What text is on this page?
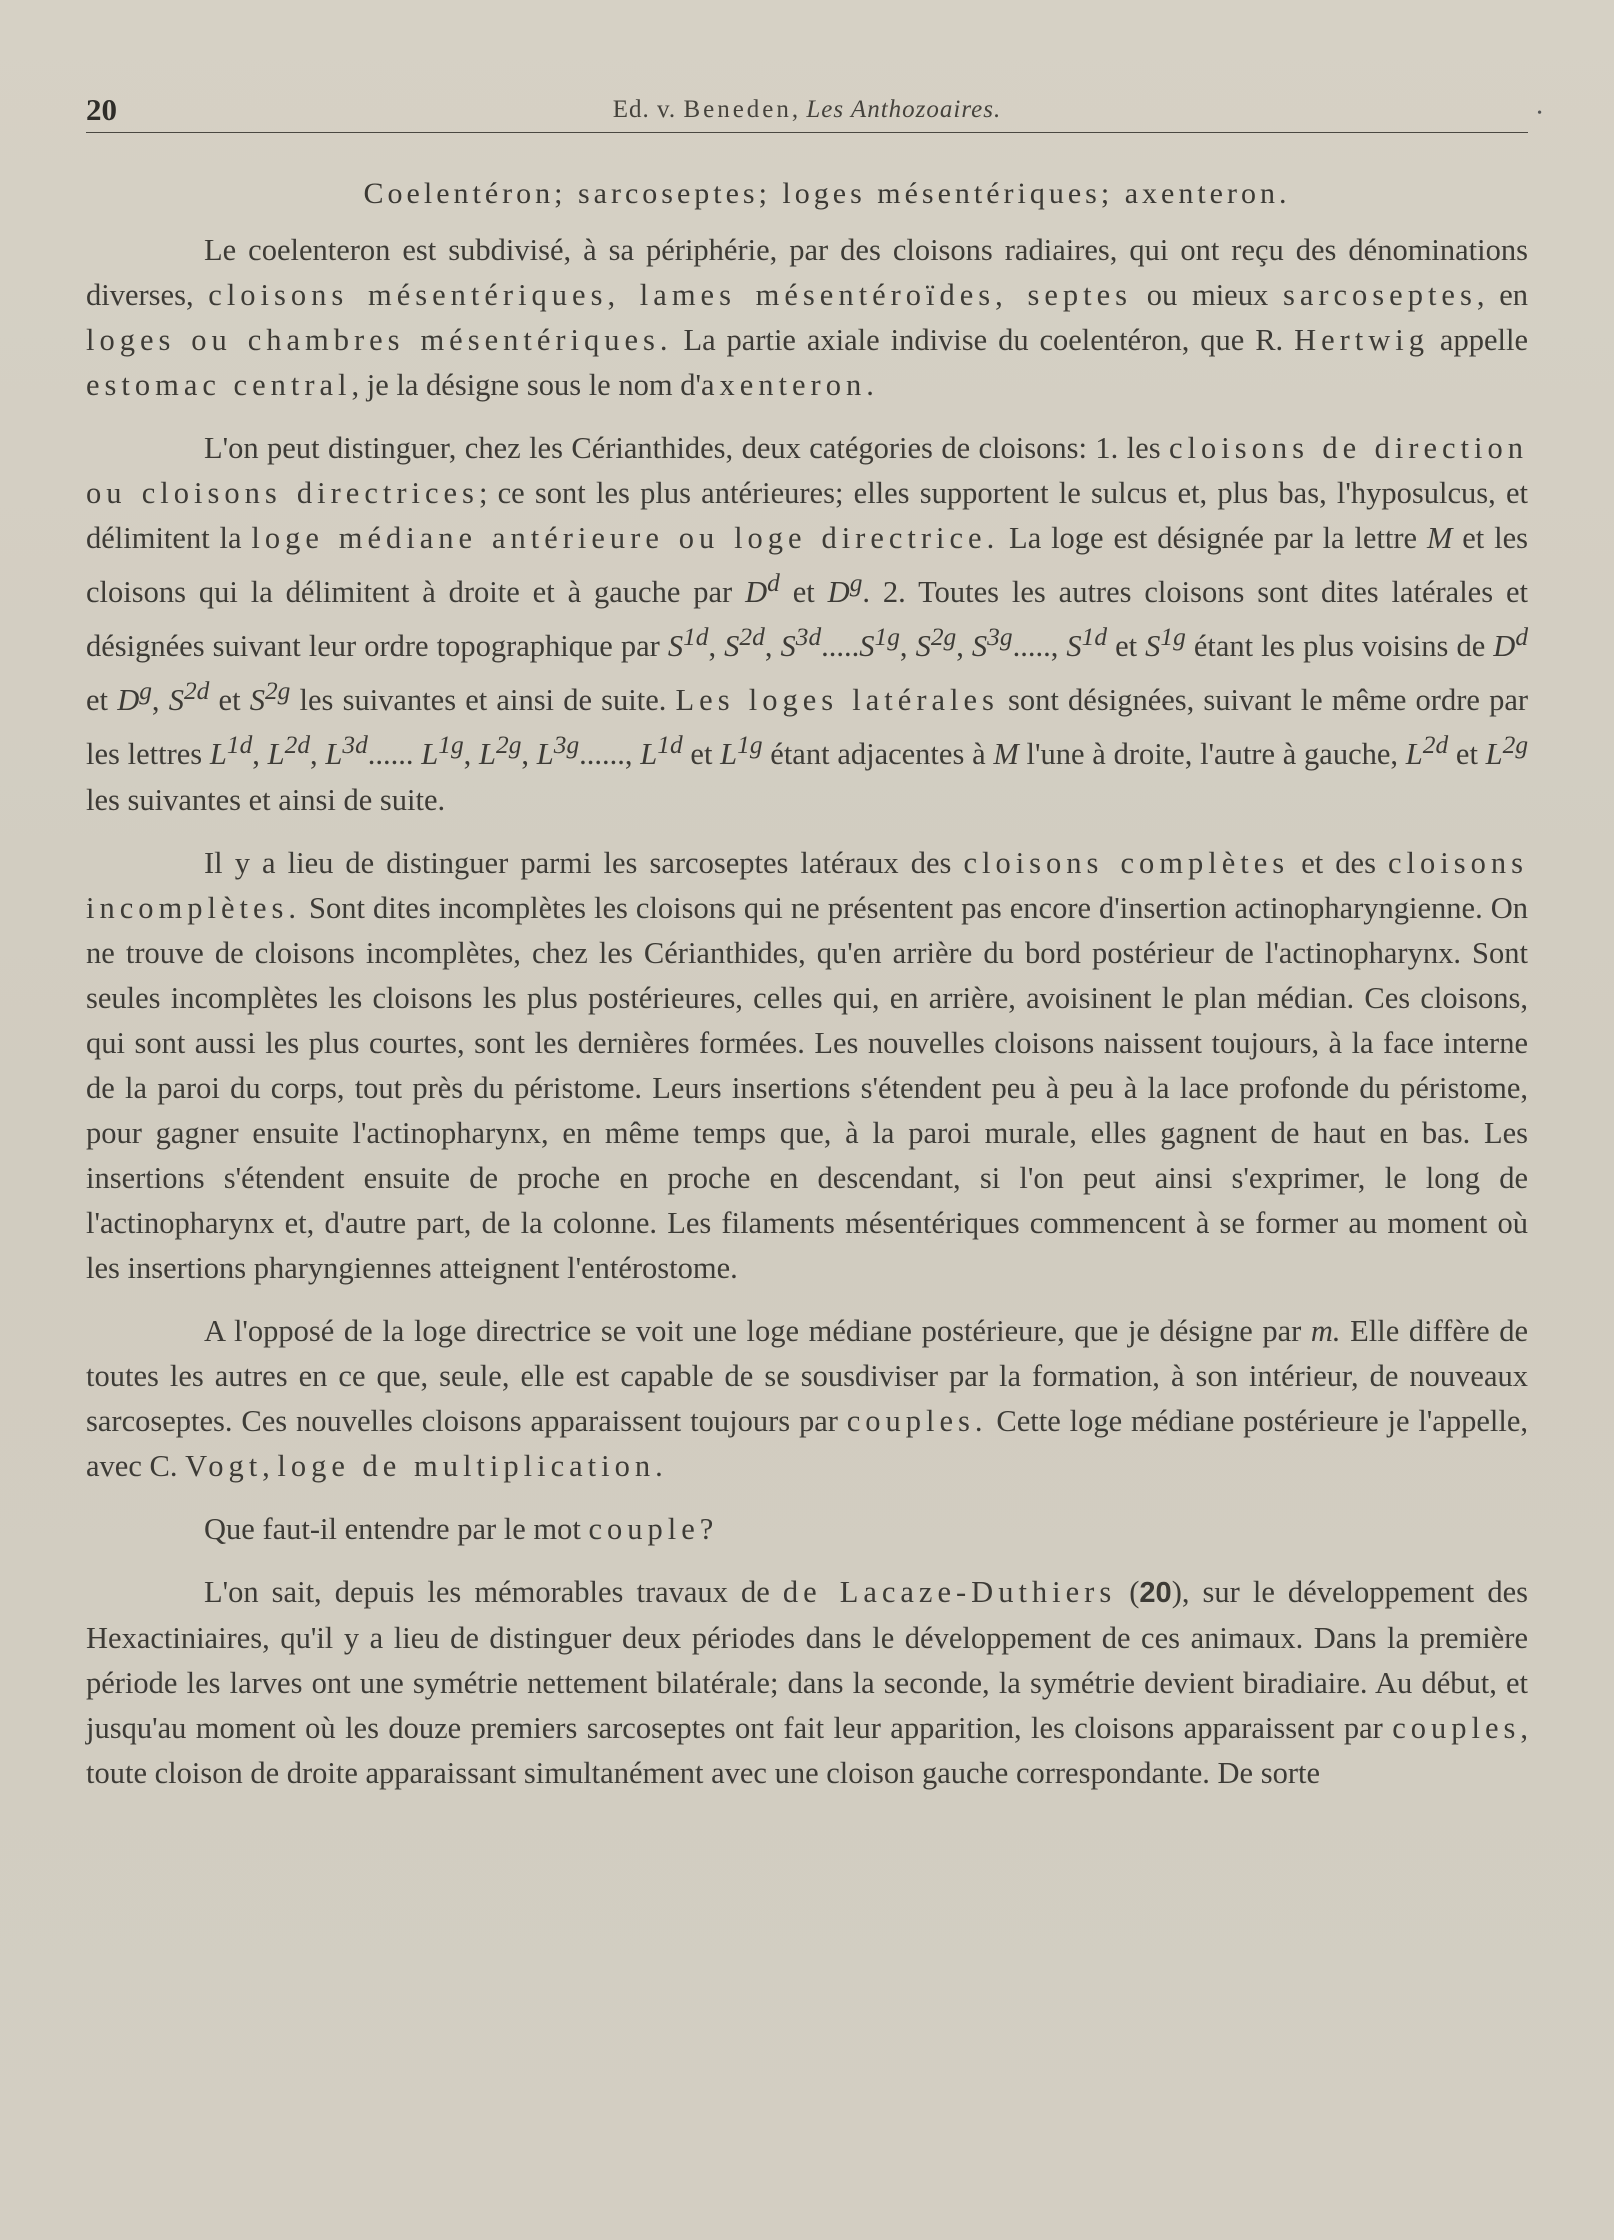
20	Ed. v. Beneden, Les Anthozoaires.	•
Coelentéron; sarcoseptes; loges mésentériques; axenteron.

Le coelenteron est subdivisé, à sa périphérie, par des cloisons radiaires, qui ont reçu des dénominations diverses, cloisons mésentériques, lames mésentéroïdes, septes ou mieux sarcoseptes, en loges ou chambres mésentériques. La partie axiale indivise du coelentéron, que R. Hertwig appelle estomac central, je la désigne sous le nom d'axenteron.

L'on peut distinguer, chez les Cérianthides, deux catégories de cloisons: 1. les cloisons de direction ou cloisons directrices; ce sont les plus antérieures; elles supportent le sulcus et, plus bas, l'hyposulcus, et délimitent la loge médiane antérieure ou loge directrice. La loge est désignée par la lettre M et les cloisons qui la délimitent à droite et à gauche par $D^d$ et $D^g$. 2. Toutes les autres cloisons sont dites latérales et désignées suivant leur ordre topographique par $S^{1d}$, $S^{2d}$, $S^{3d}.....S^{1g}$, $S^{2g}$, $S^{3g}$....., $S^{1d}$ et $S^{1g}$ étant les plus voisins de $D^d$ et $D^g$, $S^{2d}$ et $S^{2g}$ les suivantes et ainsi de suite. Les loges latérales sont désignées, suivant le même ordre par les lettres $L^{1d}$, $L^{2d}$, $L^{3d}$...... $L^{1g}$, $L^{2g}$, $L^{3g}$......, $L^{1d}$ et $L^{1g}$ étant adjacentes à M l'une à droite, l'autre à gauche, $L^{2d}$ et $L^{2g}$ les suivantes et ainsi de suite.

Il y a lieu de distinguer parmi les sarcoseptes latéraux des cloisons complètes et des cloisons incomplètes. Sont dites incomplètes les cloisons qui ne présentent pas encore d'insertion actinopharyngienne. On ne trouve de cloisons incomplètes, chez les Cérianthides, qu'en arrière du bord postérieur de l'actinopharynx. Sont seules incomplètes les cloisons les plus postérieures, celles qui, en arrière, avoisinent le plan médian. Ces cloisons, qui sont aussi les plus courtes, sont les dernières formées. Les nouvelles cloisons naissent toujours, à la face interne de la paroi du corps, tout près du péristome. Leurs insertions s'étendent peu à peu à la lace profonde du péristome, pour gagner ensuite l'actinopharynx, en même temps que, à la paroi murale, elles gagnent de haut en bas. Les insertions s'étendent ensuite de proche en proche en descendant, si l'on peut ainsi s'exprimer, le long de l'actinopharynx et, d'autre part, de la colonne. Les filaments mésentériques commencent à se former au moment où les insertions pharyngiennes atteignent l'entérostome.

A l'opposé de la loge directrice se voit une loge médiane postérieure, que je désigne par m. Elle diffère de toutes les autres en ce que, seule, elle est capable de se sousdiviser par la formation, à son intérieur, de nouveaux sarcoseptes. Ces nouvelles cloisons apparaissent toujours par couples. Cette loge médiane postérieure je l'appelle, avec C. Vogt, loge de multiplication.

Que faut-il entendre par le mot couple?

L'on sait, depuis les mémorables travaux de de Lacaze-Duthiers (20), sur le développement des Hexactiniaires, qu'il y a lieu de distinguer deux périodes dans le développement de ces animaux. Dans la première période les larves ont une symétrie nettement bilatérale; dans la seconde, la symétrie devient biradiaire. Au début, et jusqu'au moment où les douze premiers sarcoseptes ont fait leur apparition, les cloisons apparaissent par couples, toute cloison de droite apparaissant simultanément avec une cloison gauche correspondante. De sorte
